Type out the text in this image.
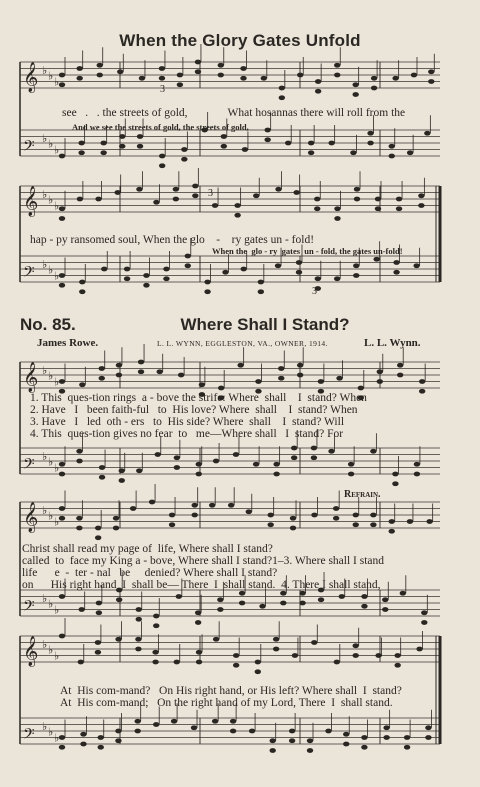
𝄞 ♭ ♭ ♭
𝄢 ♭ ♭ ♭
𝄞 ♭ ♭ ♭
𝄢 ♭ ♭ ♭
𝄞 ♭ ♭ ♭
𝄢 ♭ ♭ ♭
𝄞 ♭ ♭ ♭
𝄢 ♭ ♭ ♭
𝄞 ♭ ♭ ♭
𝄢 ♭ ♭ ♭
3
3
3
When the Glory Gates Unfold
see   .   . the streets of gold,              What hosannas there will roll from the
And we see the streets of gold, the streets of gold,
hap - py ransomed soul, When the glo    -    ry gates un - fold!
When the  glo - ry  gates  un - fold, the gates un-fold!
No. 85.	Where Shall I Stand?
James Rowe.	L. L. WYNN, EGGLESTON, VA., OWNER, 1914.	L. L. Wynn.
1. This  ques-tion rings  a - bove the strife: Where  shall    I  stand? When
2. Have   I   been faith-ful   to  His love? Where  shall    I  stand? When
3. Have   I   led  oth - ers   to  His side? Where  shall    I  stand? Will
4. This  ques-tion gives no fear  to   me—Where shall   I  stand? For
Refrain.
Christ shall read my page of  life, Where shall I stand?
called  to  face my King a - bove, Where shall I stand?1–3. Where shall I stand
life      e  -  ter - nal   be     denied? Where shall I stand?
on      His right hand  I  shall be— There  I  shall stand.  4. There I shall stand,
At  His com-mand?   On His right hand, or His left? Where shall  I  stand?
At  His com-mand;   On the right hand of my Lord, There  I  shall stand.
